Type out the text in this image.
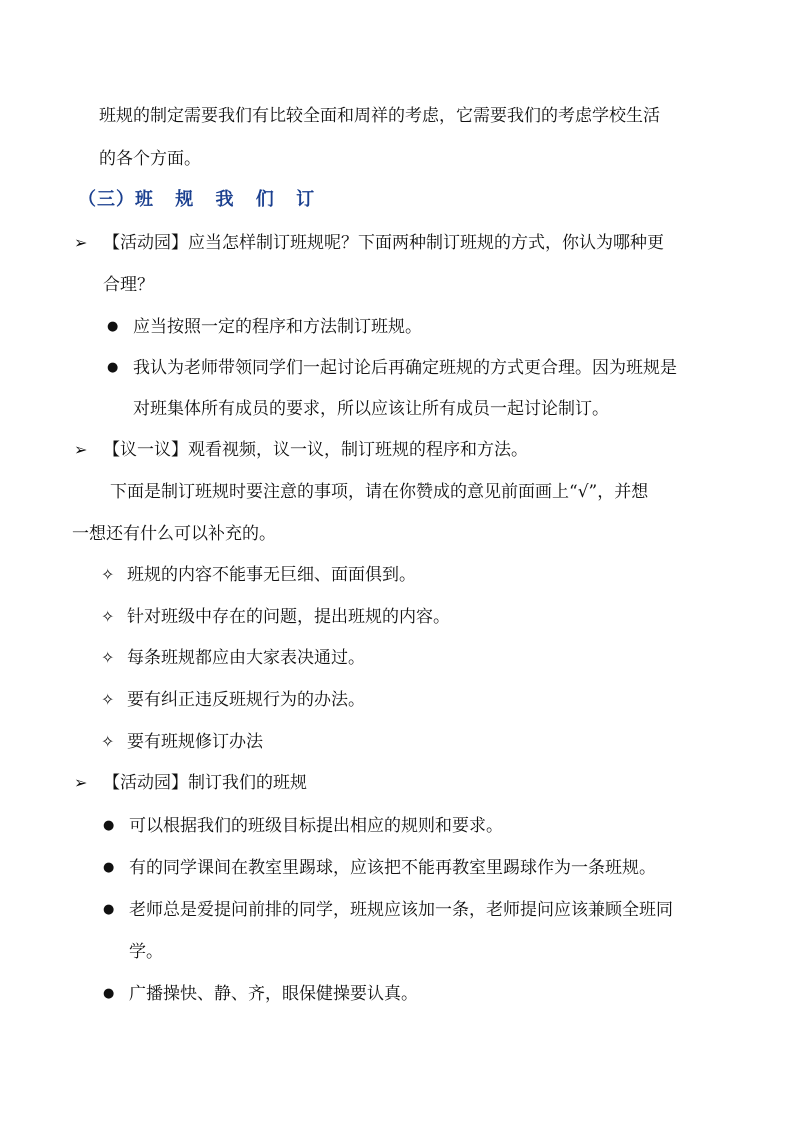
班规的制定需要我们有比较全面和周祥的考虑，它需要我们的考虑学校生活
的各个方面。
（三）班 规 我 们 订
➢ 【活动园】应当怎样制订班规呢？下面两种制订班规的方式，你认为哪种更
合理？
● 应当按照一定的程序和方法制订班规。
● 我认为老师带领同学们一起讨论后再确定班规的方式更合理。因为班规是
对班集体所有成员的要求，所以应该让所有成员一起讨论制订。
➢ 【议一议】观看视频，议一议，制订班规的程序和方法。
下面是制订班规时要注意的事项，请在你赞成的意见前面画上“√”，并想
一想还有什么可以补充的。
✧ 班规的内容不能事无巨细、面面俱到。
✧ 针对班级中存在的问题，提出班规的内容。
✧ 每条班规都应由大家表决通过。
✧ 要有纠正违反班规行为的办法。
✧ 要有班规修订办法
➢ 【活动园】制订我们的班规
● 可以根据我们的班级目标提出相应的规则和要求。
● 有的同学课间在教室里踢球，应该把不能再教室里踢球作为一条班规。
● 老师总是爱提问前排的同学，班规应该加一条，老师提问应该兼顾全班同
学。
● 广播操快、静、齐，眼保健操要认真。
